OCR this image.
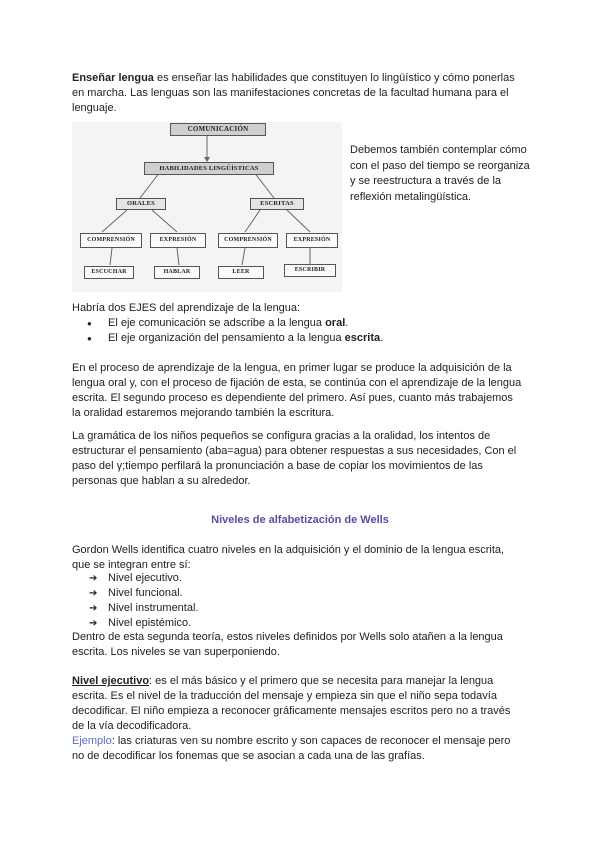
Enseñar lengua es enseñar las habilidades que constituyen lo lingüístico y cómo ponerlas en marcha. Las lenguas son las manifestaciones concretas de la facultad humana para el lenguaje.

COMUNICACIÓN
HABILIDADES LINGÜÍSTICAS
ORALES	ESCRITAS
COMPRENSIÓN	EXPRESIÓN	COMPRENSIÓN	EXPRESIÓN
ESCUCHAR	HABLAR	LEER	ESCRIBIR
Debemos también contemplar cómo con el paso del tiempo se reorganiza y se reestructura a través de la reflexión metalingüística.

Habría dos EJES del aprendizaje de la lengua:

● El eje comunicación se adscribe a la lengua oral.
● El eje organización del pensamiento a la lengua escrita.

En el proceso de aprendizaje de la lengua, en primer lugar se produce la adquisición de la lengua oral y, con el proceso de fijación de esta, se continúa con el aprendizaje de la lengua escrita. El segundo proceso es dependiente del primero. Así pues, cuanto más trabajemos la oralidad estaremos mejorando también la escritura.

La gramática de los niños pequeños se configura gracias a la oralidad, los intentos de estructurar el pensamiento (aba=agua) para obtener respuestas a sus necesidades, Con el paso del γ;tiempo perfilará la pronunciación a base de copiar los movimientos de las personas que hablan a su alrededor.

Niveles de alfabetización de Wells

Gordon Wells identifica cuatro niveles en la adquisición y el dominio de la lengua escrita, que se integran entre sí:

➔ Nivel ejecutivo.
➔ Nivel funcional.
➔ Nivel instrumental.
➔ Nivel epistémico.

Dentro de esta segunda teoría, estos niveles definidos por Wells solo atañen a la lengua escrita. Los niveles se van superponiendo.

Nivel ejecutivo: es el más básico y el primero que se necesita para manejar la lengua escrita. Es el nivel de la traducción del mensaje y empieza sin que el niño sepa todavía decodificar. El niño empieza a reconocer gráficamente mensajes escritos pero no a través de la vía decodificadora.
Ejemplo: las criaturas ven su nombre escrito y son capaces de reconocer el mensaje pero no de decodificar los fonemas que se asocian a cada una de las grafías.
